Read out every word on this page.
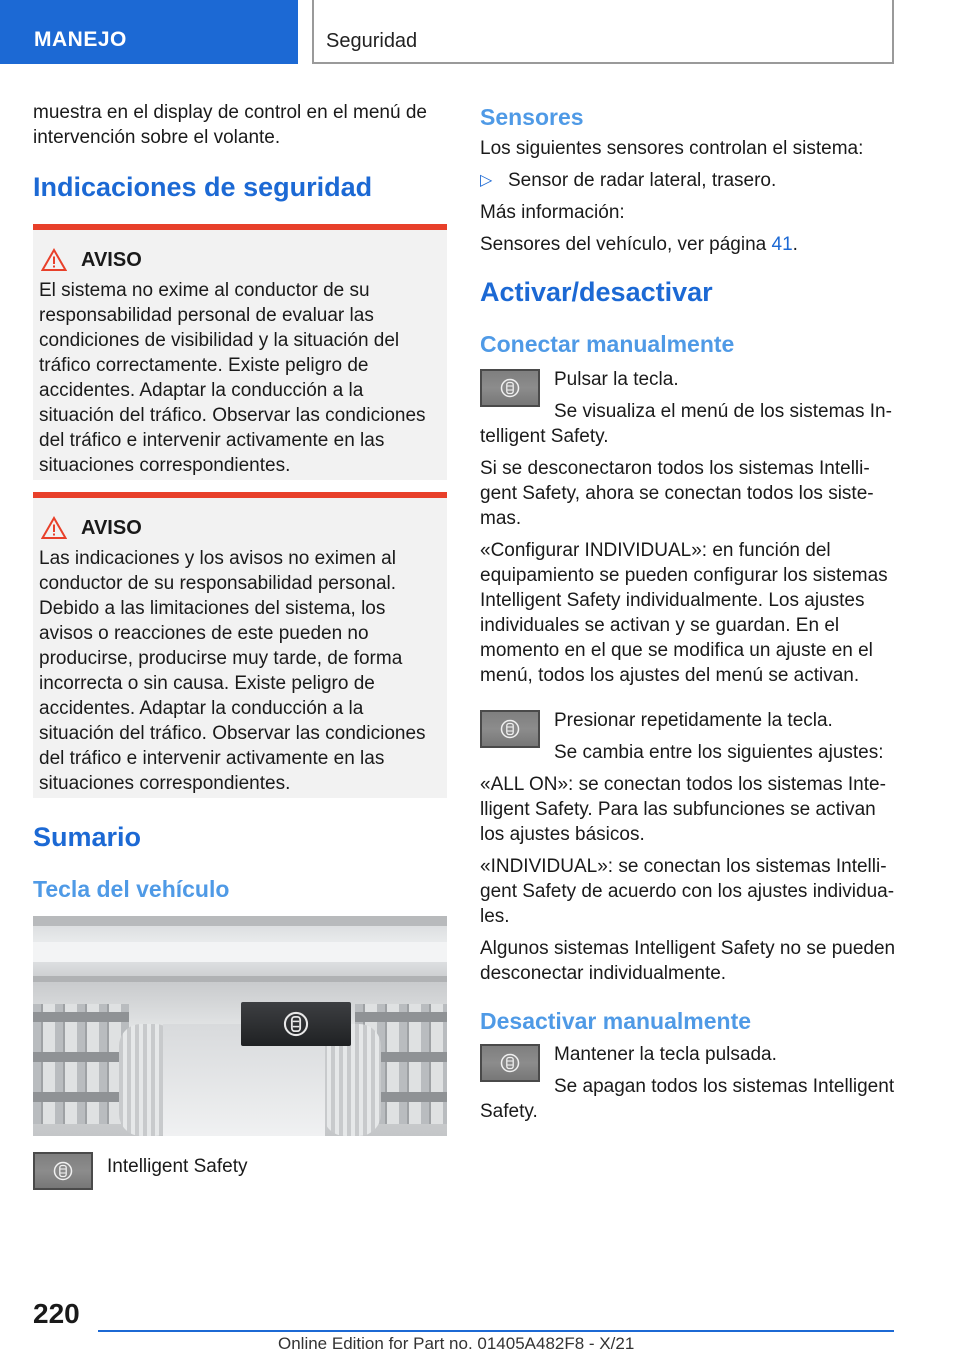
MANEJO	Seguridad

muestra en el display de control en el menú de intervención sobre el volante.

Indicaciones de seguridad
AVISO

El sistema no exime al conductor de su responsabilidad personal de evaluar las condiciones de visibilidad y la situación del tráfico correctamente. Existe peligro de accidentes. Adaptar la conducción a la situación del tráfico. Observar las condiciones del tráfico e intervenir activamente en las situaciones correspondientes.

AVISO

Las indicaciones y los avisos no eximen al conductor de su responsabilidad personal. Debido a las limitaciones del sistema, los avisos o reacciones de este pueden no producirse, producirse muy tarde, de forma incorrecta o sin causa. Existe peligro de accidentes. Adaptar la conducción a la situación del tráfico. Observar las condiciones del tráfico e intervenir activamente en las situaciones correspondientes.

Sumario
Tecla del vehículo

Intelligent Safety

Sensores

Los siguientes sensores controlan el sistema:

▷ Sensor de radar lateral, trasero.

Más información:

Sensores del vehículo, ver página 41.

Activar/desactivar
Conectar manualmente

Pulsar la tecla.

Se visualiza el menú de los sistemas Intelligent Safety.

Si se desconectaron todos los sistemas Intelligent Safety, ahora se conectan todos los sistemas.

«Configurar INDIVIDUAL»: en función del equipamiento se pueden configurar los sistemas Intelligent Safety individualmente. Los ajustes individuales se activan y se guardan. En el momento en el que se modifica un ajuste en el menú, todos los ajustes del menú se activan.

Presionar repetidamente la tecla.

Se cambia entre los siguientes ajustes:

«ALL ON»: se conectan todos los sistemas Intelligent Safety. Para las subfunciones se activan los ajustes básicos.

«INDIVIDUAL»: se conectan los sistemas Intelligent Safety de acuerdo con los ajustes individuales.

Algunos sistemas Intelligent Safety no se pueden desconectar individualmente.

Desactivar manualmente

Mantener la tecla pulsada.

Se apagan todos los sistemas Intelligent Safety.

220
Online Edition for Part no. 01405A482F8 - X/21
